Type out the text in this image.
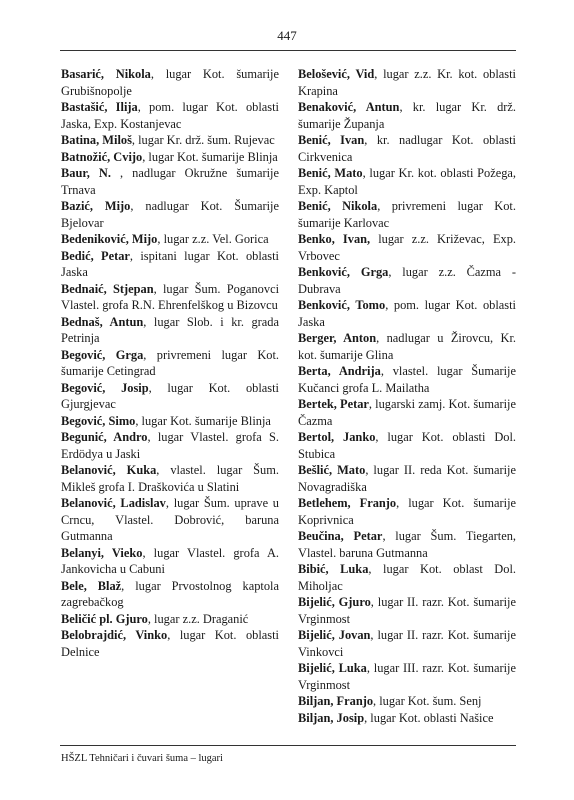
447

Basarić, Nikola, lugar Kot. šumarije Grubišnopolje

Bastašić, Ilija, pom. lugar Kot. oblasti Jaska, Exp. Kostanjevac

Batina, Miloš, lugar Kr. drž. šum. Rujevac

Batnožić, Cvijo, lugar Kot. šumarije Blinja

Baur, N. , nadlugar Okružne šumarije Trnava

Bazić, Mijo, nadlugar Kot. Šumarije Bjelovar

Bedeniković, Mijo, lugar z.z. Vel. Gorica

Bedić, Petar, ispitani lugar Kot. oblasti Jaska

Bednaić, Stjepan, lugar Šum. Poganovci Vlastel. grofa R.N. Ehrenfelškog u Bizovcu

Bednaš, Antun, lugar Slob. i kr. grada Petrinja

Begović, Grga, privremeni lugar Kot. šumarije Cetingrad

Begović, Josip, lugar Kot. oblasti Gjurgjevac

Begović, Simo, lugar Kot. šumarije Blinja

Begunić, Andro, lugar Vlastel. grofa S. Erdödya u Jaski

Belanović, Kuka, vlastel. lugar Šum. Mikleš grofa I. Draškovića u Slatini

Belanović, Ladislav, lugar Šum. uprave u Crncu, Vlastel. Dobrović, baruna Gutmanna

Belanyi, Vieko, lugar Vlastel. grofa A. Jankovicha u Cabuni

Bele, Blaž, lugar Prvostolnog kaptola zagrebačkog

Beličić pl. Gjuro, lugar z.z. Draganić

Belobrajdić, Vinko, lugar Kot. oblasti Delnice

Belošević, Vid, lugar z.z. Kr. kot. oblasti Krapina

Benaković, Antun, kr. lugar Kr. drž. šumarije Županja

Benić, Ivan, kr. nadlugar Kot. oblasti Cirkvenica

Benić, Mato, lugar Kr. kot. oblasti Požega, Exp. Kaptol

Benić, Nikola, privremeni lugar Kot. šumarije Karlovac

Benko, Ivan, lugar z.z. Križevac, Exp. Vrbovec

Benković, Grga, lugar z.z. Čazma - Dubrava

Benković, Tomo, pom. lugar Kot. oblasti Jaska

Berger, Anton, nadlugar u Žirovcu, Kr. kot. šumarije Glina

Berta, Andrija, vlastel. lugar Šumarije Kučanci grofa L. Mailatha

Bertek, Petar, lugarski zamj. Kot. šumarije Čazma

Bertol, Janko, lugar Kot. oblasti Dol. Stubica

Bešlić, Mato, lugar II. reda Kot. šumarije Novagradiška

Betlehem, Franjo, lugar Kot. šumarije Koprivnica

Beučina, Petar, lugar Šum. Tiegarten, Vlastel. baruna Gutmanna

Bibić, Luka, lugar Kot. oblast Dol. Miholjac

Bijelić, Gjuro, lugar II. razr. Kot. šumarije Vrginmost

Bijelić, Jovan, lugar II. razr. Kot. šumarije Vinkovci

Bijelić, Luka, lugar III. razr. Kot. šumarije Vrginmost

Biljan, Franjo, lugar Kot. šum. Senj

Biljan, Josip, lugar Kot. oblasti Našice

HŠZL Tehničari i čuvari šuma – lugari
